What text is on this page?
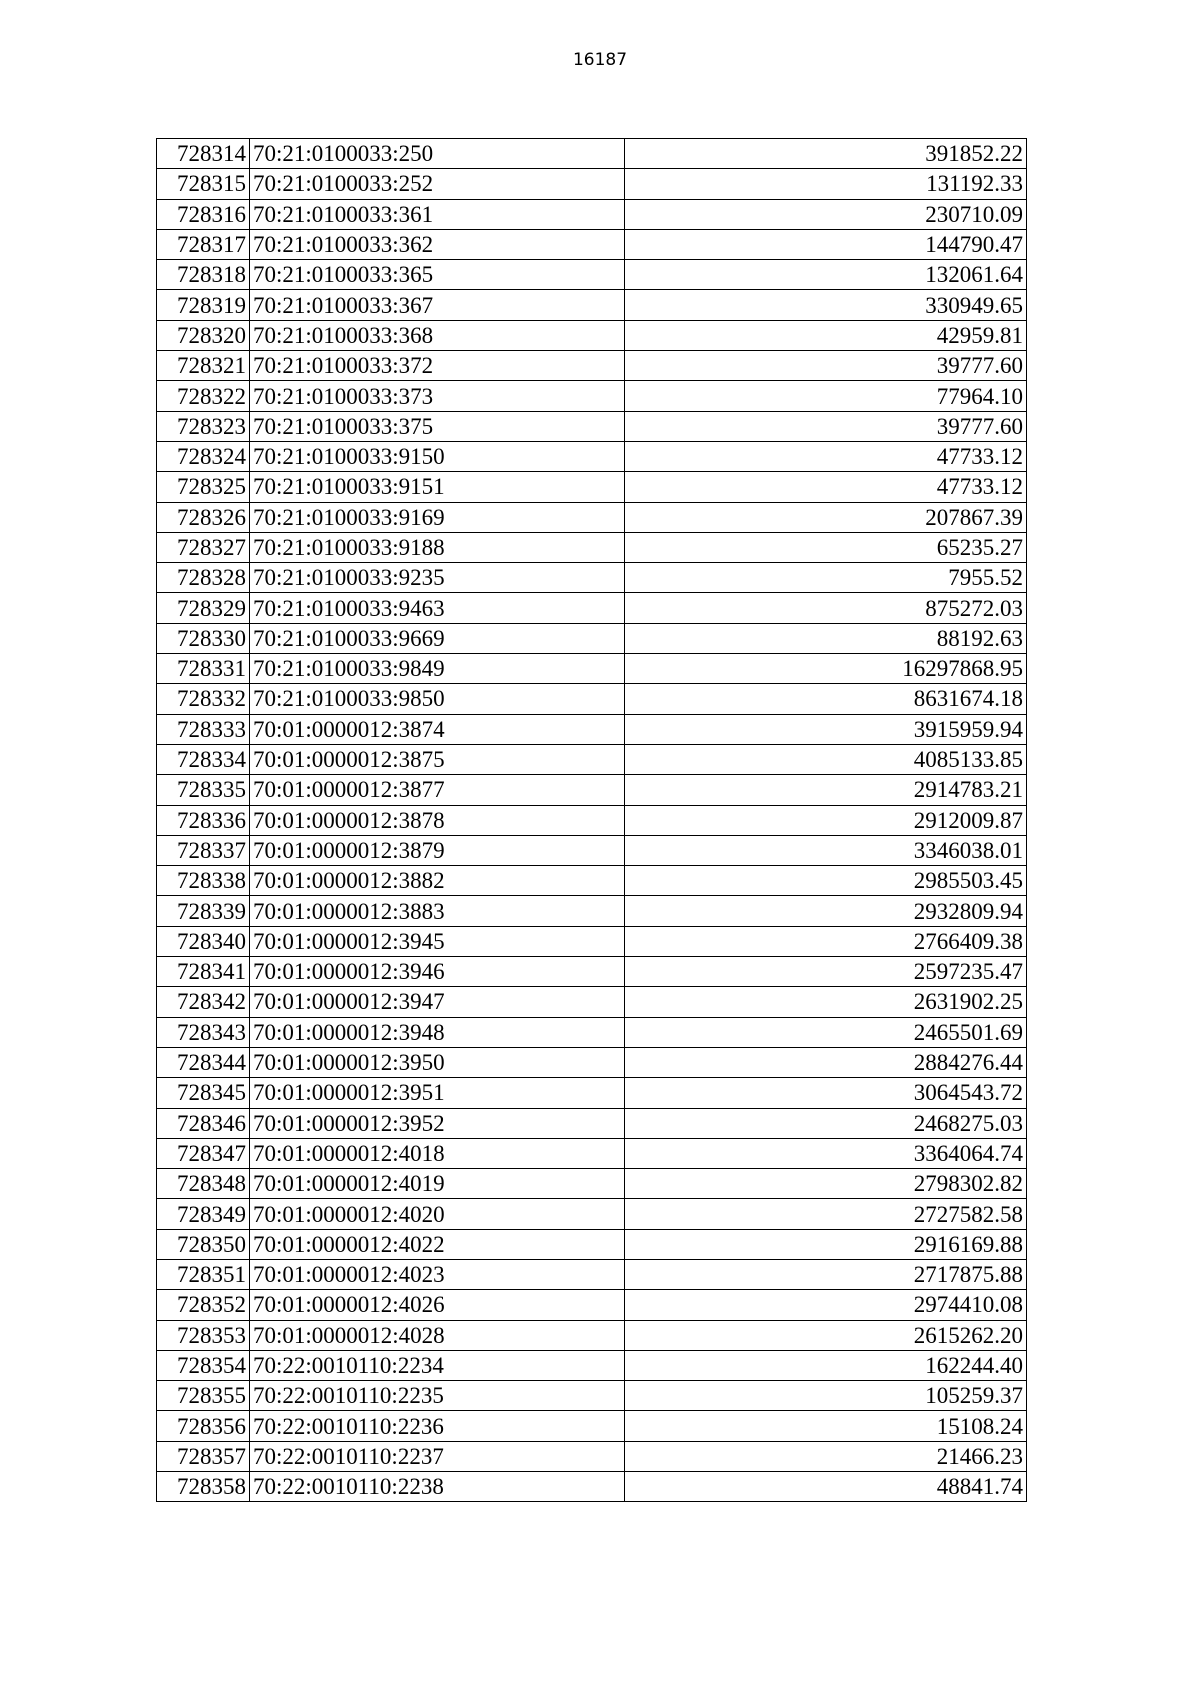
16187
728314	70:21:0100033:250	391852.22
728315	70:21:0100033:252	131192.33
728316	70:21:0100033:361	230710.09
728317	70:21:0100033:362	144790.47
728318	70:21:0100033:365	132061.64
728319	70:21:0100033:367	330949.65
728320	70:21:0100033:368	42959.81
728321	70:21:0100033:372	39777.60
728322	70:21:0100033:373	77964.10
728323	70:21:0100033:375	39777.60
728324	70:21:0100033:9150	47733.12
728325	70:21:0100033:9151	47733.12
728326	70:21:0100033:9169	207867.39
728327	70:21:0100033:9188	65235.27
728328	70:21:0100033:9235	7955.52
728329	70:21:0100033:9463	875272.03
728330	70:21:0100033:9669	88192.63
728331	70:21:0100033:9849	16297868.95
728332	70:21:0100033:9850	8631674.18
728333	70:01:0000012:3874	3915959.94
728334	70:01:0000012:3875	4085133.85
728335	70:01:0000012:3877	2914783.21
728336	70:01:0000012:3878	2912009.87
728337	70:01:0000012:3879	3346038.01
728338	70:01:0000012:3882	2985503.45
728339	70:01:0000012:3883	2932809.94
728340	70:01:0000012:3945	2766409.38
728341	70:01:0000012:3946	2597235.47
728342	70:01:0000012:3947	2631902.25
728343	70:01:0000012:3948	2465501.69
728344	70:01:0000012:3950	2884276.44
728345	70:01:0000012:3951	3064543.72
728346	70:01:0000012:3952	2468275.03
728347	70:01:0000012:4018	3364064.74
728348	70:01:0000012:4019	2798302.82
728349	70:01:0000012:4020	2727582.58
728350	70:01:0000012:4022	2916169.88
728351	70:01:0000012:4023	2717875.88
728352	70:01:0000012:4026	2974410.08
728353	70:01:0000012:4028	2615262.20
728354	70:22:0010110:2234	162244.40
728355	70:22:0010110:2235	105259.37
728356	70:22:0010110:2236	15108.24
728357	70:22:0010110:2237	21466.23
728358	70:22:0010110:2238	48841.74
